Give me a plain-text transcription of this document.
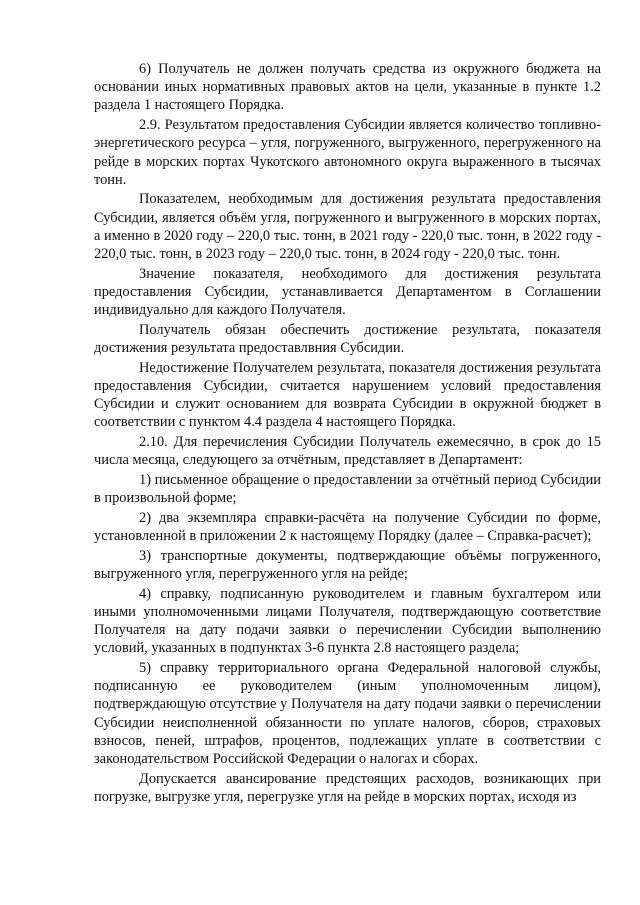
6) Получатель не должен получать средства из окружного бюджета на основании иных нормативных правовых актов на цели, указанные в пункте 1.2 раздела 1 настоящего Порядка.

2.9. Результатом предоставления Субсидии является количество топливно-энергетического ресурса – угля, погруженного, выгруженного, перегруженного на рейде в морских портах Чукотского автономного округа выраженного в тысячах тонн.

Показателем, необходимым для достижения результата предоставления Субсидии, является объём угля, погруженного и выгруженного в морских портах, а именно в 2020 году – 220,0 тыс. тонн, в 2021 году - 220,0 тыс. тонн, в 2022 году - 220,0 тыс. тонн, в 2023 году – 220,0 тыс. тонн, в 2024 году - 220,0 тыс. тонн.

Значение показателя, необходимого для достижения результата предоставления Субсидии, устанавливается Департаментом в Соглашении индивидуально для каждого Получателя.

Получатель обязан обеспечить достижение результата, показателя достижения результата предоставлвния Субсидии.

Недостижение Получателем результата, показателя достижения результата предоставления Субсидии, считается нарушением условий предоставления Субсидии и служит основанием для возврата Субсидии в окружной бюджет в соответствии с пунктом 4.4 раздела 4 настоящего Порядка.

2.10. Для перечисления Субсидии Получатель ежемесячно, в срок до 15 числа месяца, следующего за отчётным, представляет в Департамент:

1) письменное обращение о предоставлении за отчётный период Субсидии в произвольной форме;

2) два экземпляра справки-расчёта на получение Субсидии по форме, установленной в приложении 2 к настоящему Порядку (далее – Справка-расчет);

3) транспортные документы, подтверждающие объёмы погруженного, выгруженного угля, перегруженного угля на рейде;

4) справку, подписанную руководителем и главным бухгалтером или иными уполномоченными лицами Получателя, подтверждающую соответствие Получателя на дату подачи заявки о перечислении Субсидии выполнению условий, указанных в подпунктах 3-6 пункта 2.8 настоящего раздела;

5) справку территориального органа Федеральной налоговой службы, подписанную ее руководителем (иным уполномоченным лицом), подтверждающую отсутствие у Получателя на дату подачи заявки о перечислении Субсидии неисполненной обязанности по уплате налогов, сборов, страховых взносов, пеней, штрафов, процентов, подлежащих уплате в соответствии с законодательством Российской Федерации о налогах и сборах.

Допускается авансирование предстоящих расходов, возникающих при погрузке, выгрузке угля, перегрузке угля на рейде в морских портах, исходя из
